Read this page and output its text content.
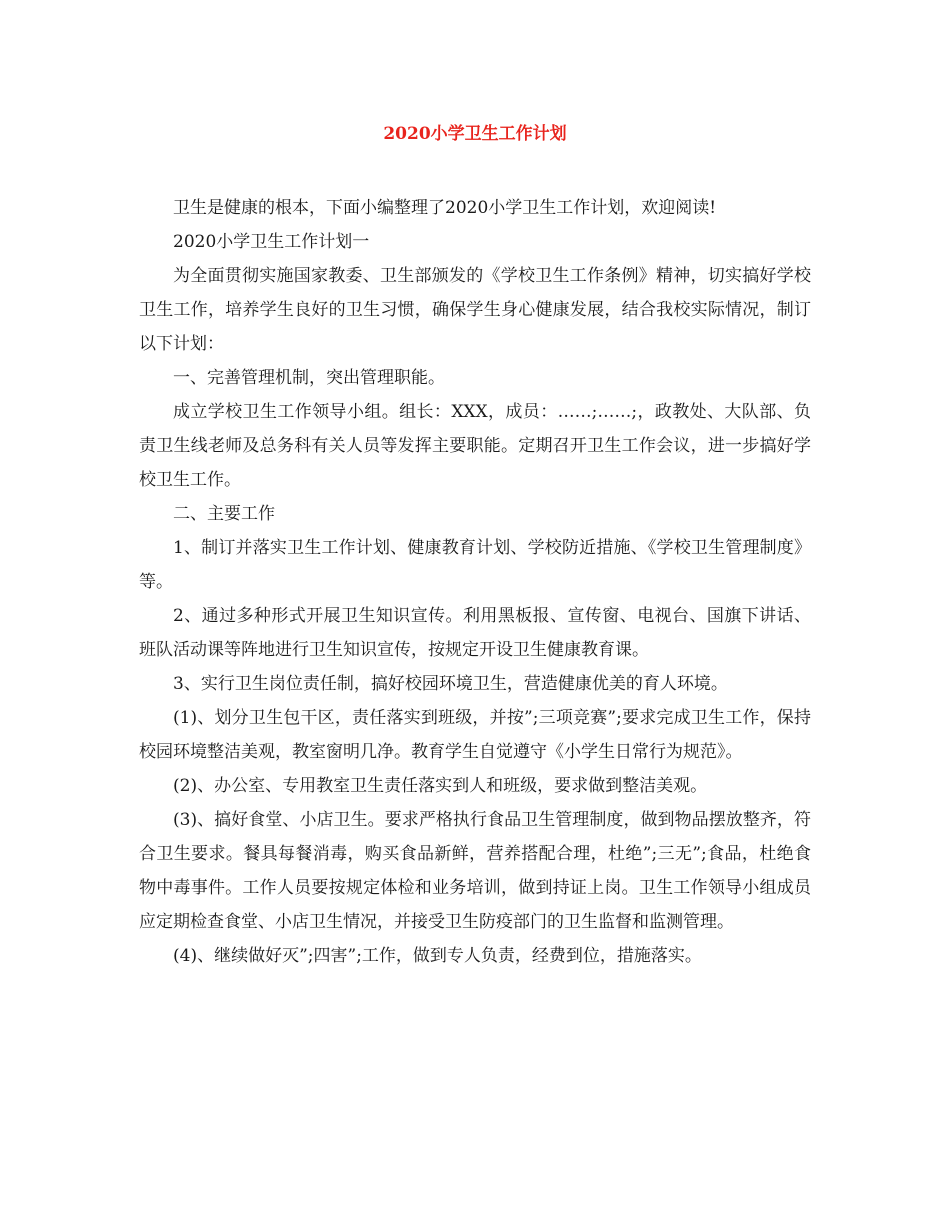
2020小学卫生工作计划

卫生是健康的根本，下面小编整理了2020小学卫生工作计划，欢迎阅读!

2020小学卫生工作计划一

为全面贯彻实施国家教委、卫生部颁发的《学校卫生工作条例》精神，切实搞好学校卫生工作，培养学生良好的卫生习惯，确保学生身心健康发展，结合我校实际情况，制订以下计划：

一、完善管理机制，突出管理职能。

成立学校卫生工作领导小组。组长：XXX，成员：……;……;，政教处、大队部、负责卫生线老师及总务科有关人员等发挥主要职能。定期召开卫生工作会议，进一步搞好学校卫生工作。

二、主要工作

1、制订并落实卫生工作计划、健康教育计划、学校防近措施、《学校卫生管理制度》等。

2、通过多种形式开展卫生知识宣传。利用黑板报、宣传窗、电视台、国旗下讲话、班队活动课等阵地进行卫生知识宣传，按规定开设卫生健康教育课。

3、实行卫生岗位责任制，搞好校园环境卫生，营造健康优美的育人环境。

(1)、划分卫生包干区，责任落实到班级，并按”;三项竞赛”;要求完成卫生工作，保持校园环境整洁美观，教室窗明几净。教育学生自觉遵守《小学生日常行为规范》。

(2)、办公室、专用教室卫生责任落实到人和班级，要求做到整洁美观。

(3)、搞好食堂、小店卫生。要求严格执行食品卫生管理制度，做到物品摆放整齐，符合卫生要求。餐具每餐消毒，购买食品新鲜，营养搭配合理，杜绝”;三无”;食品，杜绝食物中毒事件。工作人员要按规定体检和业务培训，做到持证上岗。卫生工作领导小组成员应定期检查食堂、小店卫生情况，并接受卫生防疫部门的卫生监督和监测管理。

(4)、继续做好灭”;四害”;工作，做到专人负责，经费到位，措施落实。
